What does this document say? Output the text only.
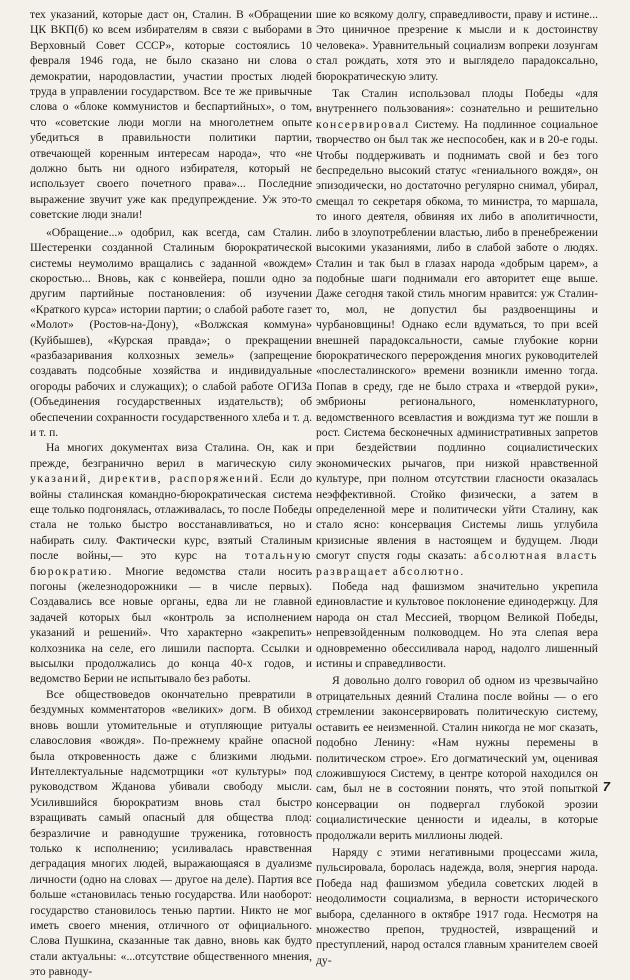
тех указаний, которые даст он, Сталин. В «Обращении ЦК ВКП(б) ко всем избирателям в связи с выборами в Верховный Совет СССР», которые состоялись 10 февраля 1946 года, не было сказано ни слова о демократии, народовластии, участии простых людей труда в управлении государством. Все те же привычные слова о «блоке коммунистов и беспартийных», о том, что «советские люди могли на многолетнем опыте убедиться в правильности политики партии, отвечающей коренным интересам народа», что «не должно быть ни одного избирателя, который не использует своего почетного права»... Последние выражение звучит уже как предупреждение. Уж это-то советские люди знали!

«Обращение...» одобрил, как всегда, сам Сталин. Шестеренки созданной Сталиным бюрократической системы неумолимо вращались с заданной «вождем» скоростью... Вновь, как с конвейера, пошли одно за другим партийные постановления: об изучении «Краткого курса» истории партии; о слабой работе газет «Молот» (Ростов-на-Дону), «Волжская коммуна» (Куйбышев), «Курская правда»; о прекращении «разбазаривания колхозных земель» (запрещение создавать подсобные хозяйства и индивидуальные огороды рабочих и служащих); о слабой работе ОГИЗа (Объединения государственных издательств); об обеспечении сохранности государственного хлеба и т. д. и т. п.

На многих документах виза Сталина. Он, как и прежде, безгранично верил в магическую силу указаний, директив, распоряжений. Если до войны сталинская командно-бюрократическая система еще только подгонялась, отлаживалась, то после Победы стала не только быстро восстанавливаться, но и набирать силу. Фактически курс, взятый Сталиным после войны,— это курс на тотальную бюрократию. Многие ведомства стали носить погоны (железнодорожники — в числе первых). Создавались все новые органы, едва ли не главной задачей которых был «контроль за исполнением указаний и решений». Что характерно «закрепить» колхозника на селе, его лишили паспорта. Ссылки и высылки продолжались до конца 40-х годов, и ведомство Берии не испытывало без работы.

Все обществоведов окончательно превратили в бездумных комментаторов «великих» догм. В обиход вновь вошли утомительные и отупляющие ритуалы славословия «вождя». По-прежнему крайне опасной была откровенность даже с близкими людьми. Интеллектуальные надсмотрщики «от культуры» под руководством Жданова убивали свободу мысли. Усилившийся бюрократизм вновь стал быстро взращивать самый опасный для общества плод: безразличие и равнодушие труженика, готовность только к исполнению; усиливалась нравственная деградация многих людей, выражающаяся в дуализме личности (одно на словах — другое на деле). Партия все больше «становилась тенью государства. Или наоборот: государство становилось тенью партии. Никто не мог иметь своего мнения, отличного от официального. Слова Пушкина, сказанные так давно, вновь как будто стали актуальны: «...отсутствие общественного мнения, это равноду-

шие ко всякому долгу, справедливости, праву и истине... Это циничное презрение к мысли и к достоинству человека». Уравнительный социализм вопреки лозунгам стал рождать, хотя это и выглядело парадоксально, бюрократическую элиту.

Так Сталин использовал плоды Победы «для внутреннего пользования»: сознательно и решительно консервировал Систему. На подлинное социальное творчество он был так же неспособен, как и в 20-е годы. Чтобы поддерживать и поднимать свой и без того беспредельно высокий статус «гениального вождя», он эпизодически, но достаточно регулярно снимал, убирал, смещал то секретаря обкома, то министра, то маршала, то иного деятеля, обвиняя их либо в аполитичности, либо в злоупотреблении властью, либо в пренебрежении высокими указаниями, либо в слабой заботе о людях. Сталин и так был в глазах народа «добрым царем», а подобные шаги поднимали его авторитет еще выше. Даже сегодня такой стиль многим нравится: уж Сталин-то, мол, не допустил бы раздвоенщины и чурбановщины! Однако если вдуматься, то при всей внешней парадоксальности, самые глубокие корни бюрократического перерождения многих руководителей «послесталинского» времени возникли именно тогда. Попав в среду, где не было страха и «твердой руки», эмбрионы регионального, номенклатурного, ведомственного всевластия и вождизма тут же пошли в рост. Система бесконечных административных запретов при бездействии подлинно социалистических экономических рычагов, при низкой нравственной культуре, при полном отсутствии гласности оказалась неэффективной. Стойко физически, а затем в определенной мере и политически уйти Сталину, как стало ясно: консервация Системы лишь углубила кризисные явления в настоящем и будущем. Люди смогут спустя годы сказать: абсолютная власть развращает абсолютно.

Победа над фашизмом значительно укрепила единовластие и культовое поклонение единодержцу. Для народа он стал Мессией, творцом Великой Победы, непревзойденным полководцем. Но эта слепая вера одновременно обессиливала народ, надолго лишенный истины и справедливости.

Я довольно долго говорил об одном из чрезвычайно отрицательных деяний Сталина после войны — о его стремлении законсервировать политическую систему, оставить ее неизменной. Сталин никогда не мог сказать, подобно Ленину: «Нам нужны перемены в политическом строе». Его догматический ум, оценивая сложившуюся Систему, в центре которой находился он сам, был не в состоянии понять, что этой попыткой консервации он подвергал глубокой эрозии социалистические ценности и идеалы, в которые продолжали верить миллионы людей.

Наряду с этими негативными процессами жила, пульсировала, боролась надежда, воля, энергия народа. Победа над фашизмом убедила советских людей в неодолимости социализма, в верности исторического выбора, сделанного в октябре 1917 года. Несмотря на множество препон, трудностей, извращений и преступлений, народ остался главным хранителем своей ду-

7
